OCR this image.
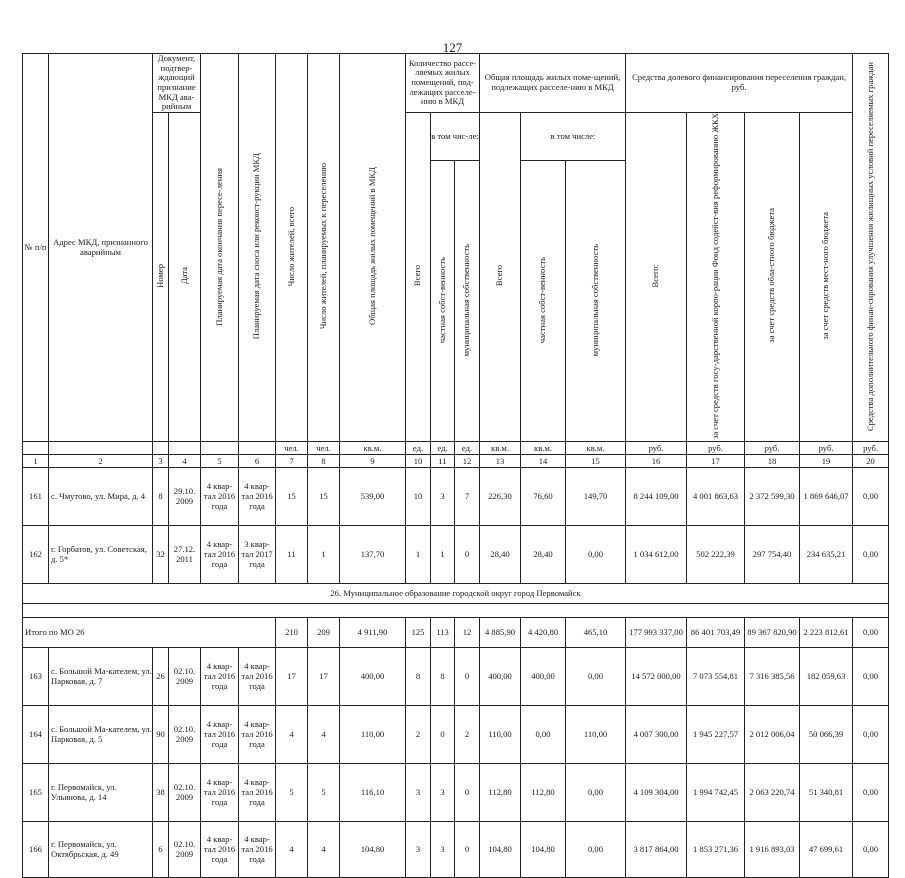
127
№ п/п	Адрес МКД, признанного аварийным	Документ, подтвер-ждающий признание МКД ава-рийным		Планируемая дата окончания пересе-ления	Планируемая дата сноса или реконст-рукции МКД	Число жителей, всего	Число жителей, планируемых к переселению	Общая площадь жилых помещений в МКД	Количество рассе-ляемых жилых помещений, под-лежащих расселе-нию в МКД			Общая площадь жилых поме-щений, подлежащих расселе-нию в МКД			Средства долевого финансирования переселения граждан, руб.				Средства дополнительного финан-сирования улучшения жилищных условий переселяемых граждан
		Номер	Дата						Всего	в том чис-ле:		Всего	в том числе:		Всего:	за счет средств госу-дарственной корпо-рации Фонд содейст-вия реформированию ЖКХ	за счет средств обла-стного бюджета	за счет средств мест-ного бюджета	
										частная собст-венность	муниципальная собственность		частная собст-венность	муниципальная собственность					
						чел.	чел.	кв.м.	ед.	ед.	ед.	кв.м.	кв.м.	кв.м.	руб.	руб.	руб.	руб.	руб.
1	2	3	4	5	6	7	8	9	10	11	12	13	14	15	16	17	18	19	20
161	с. Чмутово, ул. Мира, д. 4	8	29.10. 2009	4 квар-тал 2016 года	4 квар-тал 2016 года	15	15	539,00	10	3	7	226,30	76,60	149,70	8 244 109,00	4 001 863,63	2 372 599,30	1 869 646,07	0,00
162	г. Горбатов, ул. Советская, д. 5*	32	27.12. 2011	4 квар-тал 2016 года	3 квар-тал 2017 года	11	1	137,70	1	1	0	28,40	28,40	0,00	1 034 612,00	502 222,39	297 754,40	234 635,21	0,00
26. Муниципальное образование городской округ город Первомайск																			

Итого по МО 26						210	209	4 911,90	125	113	12	4 885,90	4 420,80	465,10	177 993 337,00	86 401 703,49	89 367 820,90	2 223 812,61	0,00
163	с. Большой Ма-кателем, ул. Парковая, д. 7	26	02.10. 2009	4 квар-тал 2016 года	4 квар-тал 2016 года	17	17	400,00	8	8	0	400,00	400,00	0,00	14 572 000,00	7 073 554,81	7 316 385,56	182 059,63	0,00
164	с. Большой Ма-кателем, ул. Парковая, д. 5	90	02.10. 2009	4 квар-тал 2016 года	4 квар-тал 2016 года	4	4	110,00	2	0	2	110,00	0,00	110,00	4 007 300,00	1 945 227,57	2 012 006,04	50 066,39	0,00
165	г. Первомайск, ул. Ульянова, д. 14	38	02.10. 2009	4 квар-тал 2016 года	4 квар-тал 2016 года	5	5	116,10	3	3	0	112,80	112,80	0,00	4 109 304,00	1 994 742,45	2 063 220,74	51 340,81	0,00
166	г. Первомайск, ул. Октябрьская, д. 49	6	02.10. 2009	4 квар-тал 2016 года	4 квар-тал 2016 года	4	4	104,80	3	3	0	104,80	104,80	0,00	3 817 864,00	1 853 271,36	1 916 893,03	47 699,61	0,00
